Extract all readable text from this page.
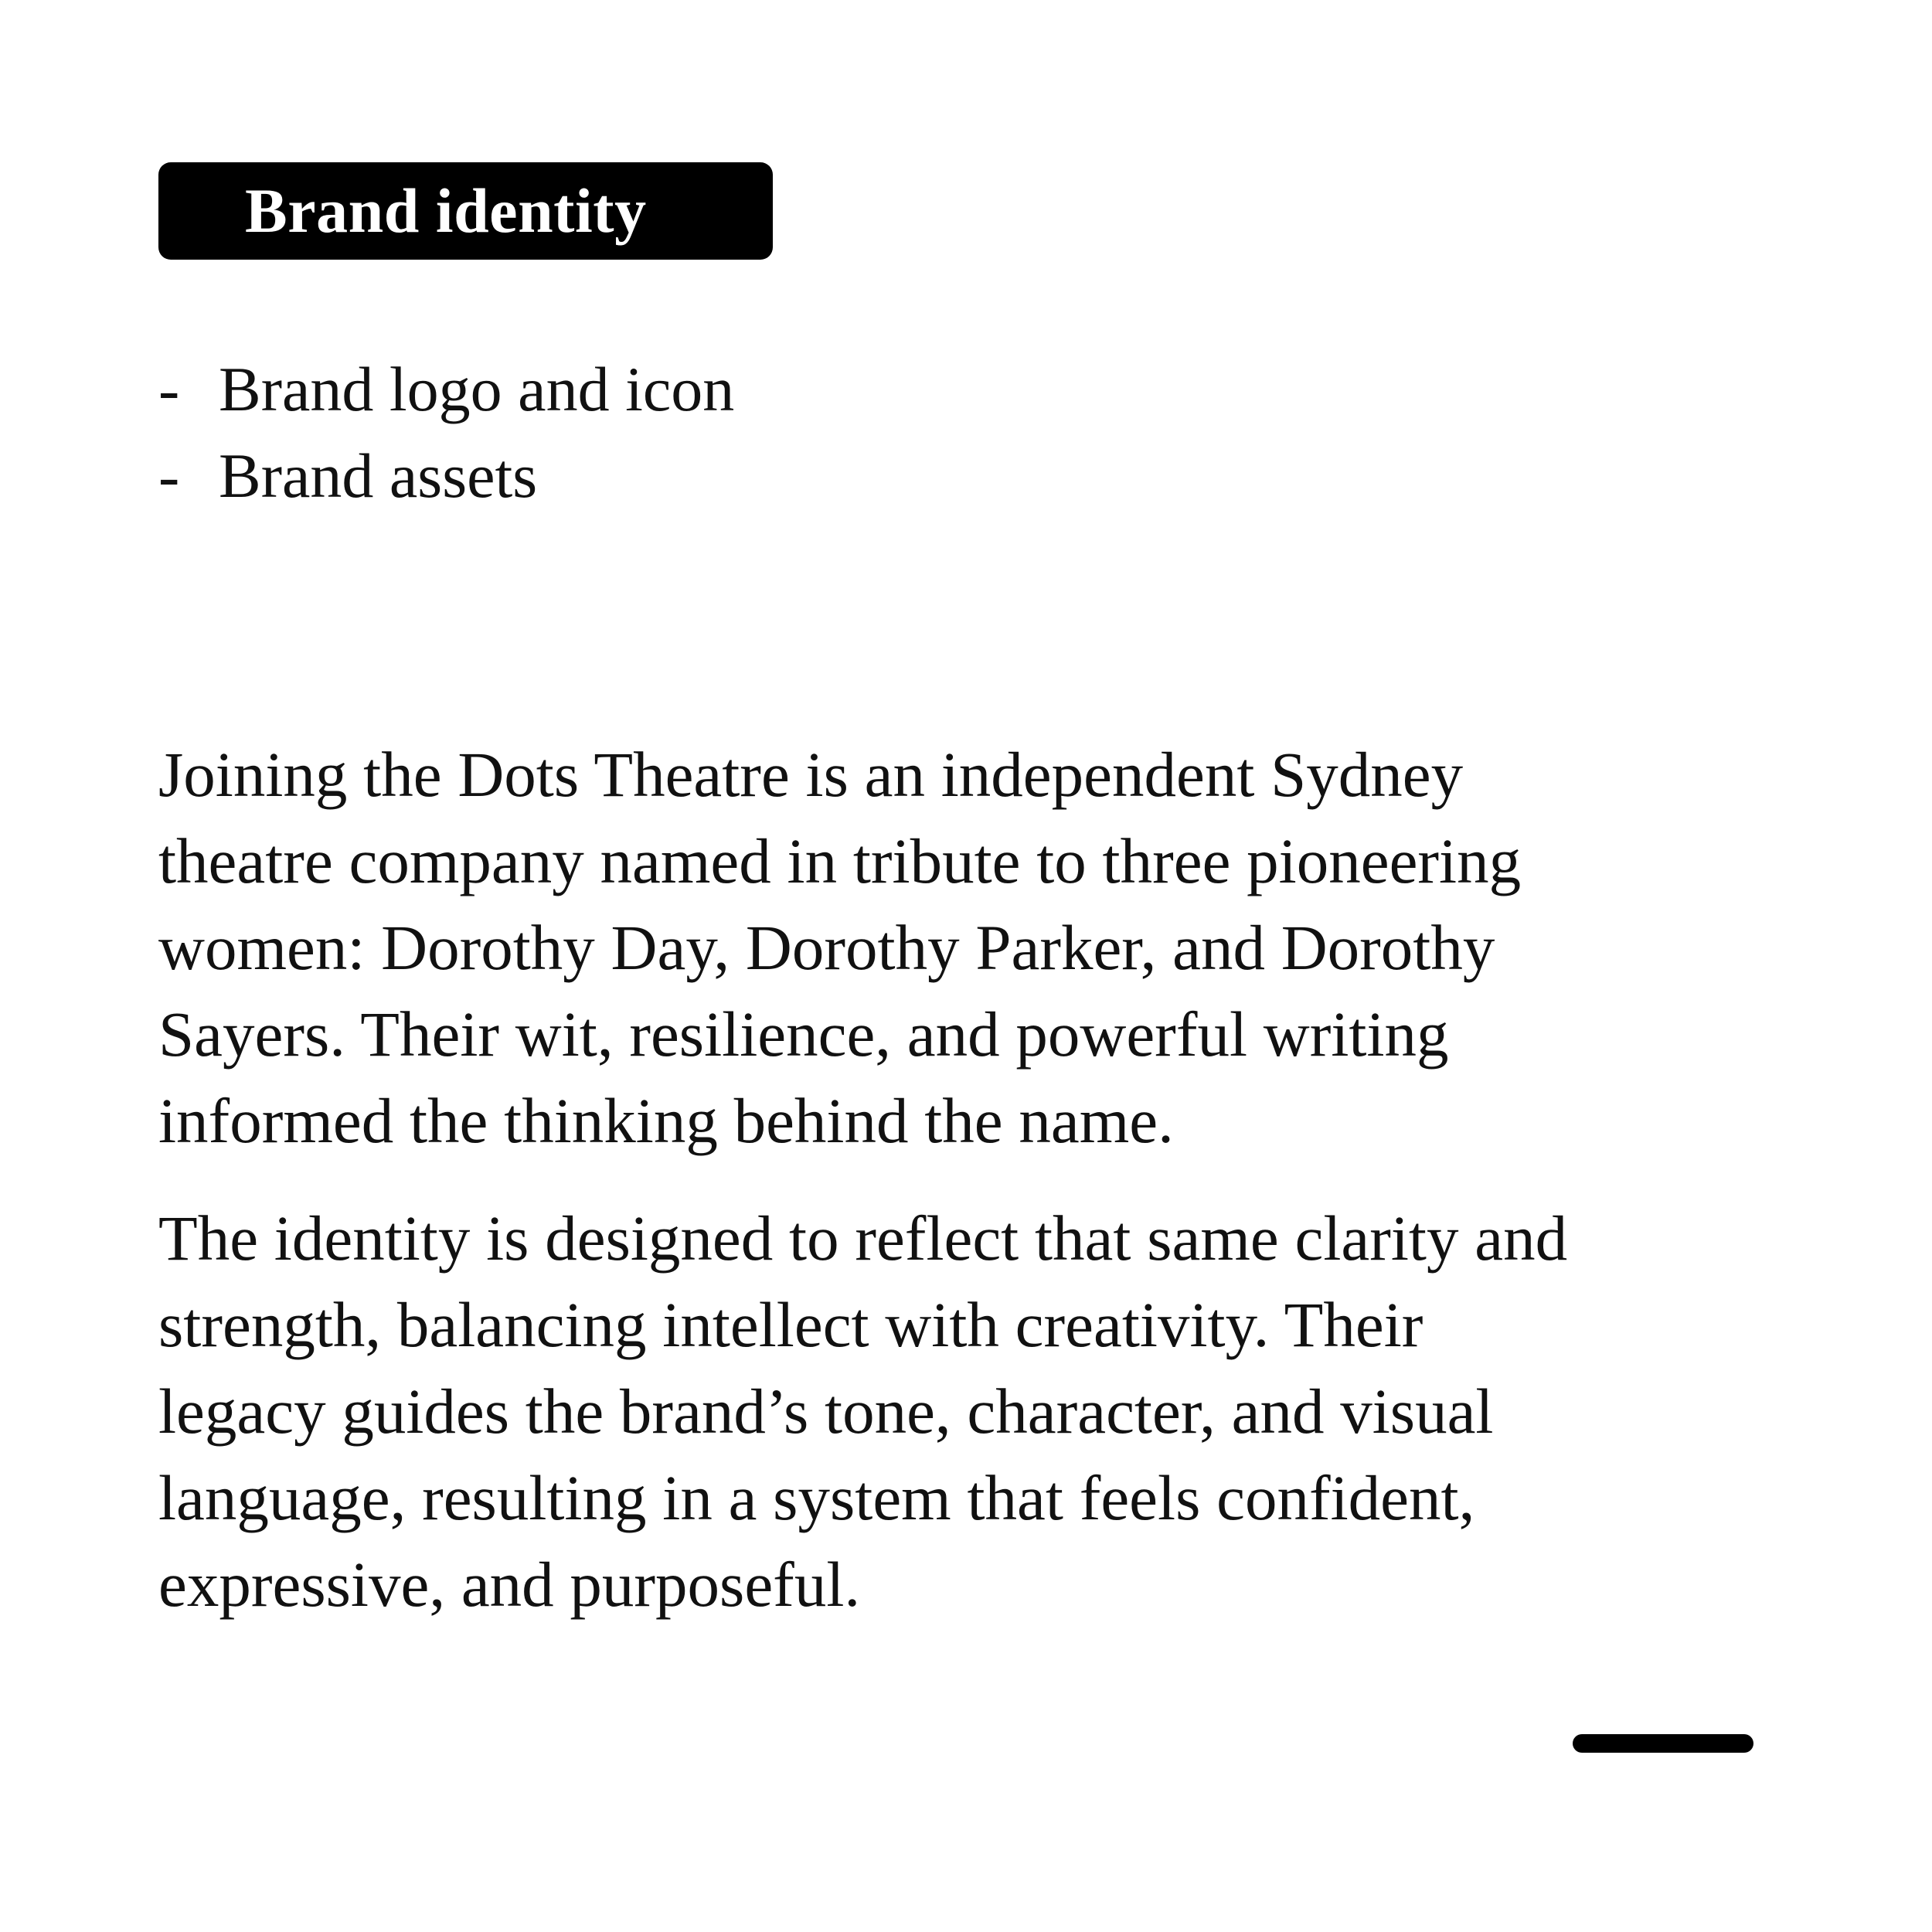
Brand identity
- Brand logo and icon
- Brand assets

Joining the Dots Theatre is an independent Sydney
theatre company named in tribute to three pioneering
women: Dorothy Day, Dorothy Parker, and Dorothy
Sayers. Their wit, resilience, and powerful writing
informed the thinking behind the name.

The identity is designed to reflect that same clarity and
strength, balancing intellect with creativity. Their
legacy guides the brand’s tone, character, and visual
language, resulting in a system that feels confident,
expressive, and purposeful.
